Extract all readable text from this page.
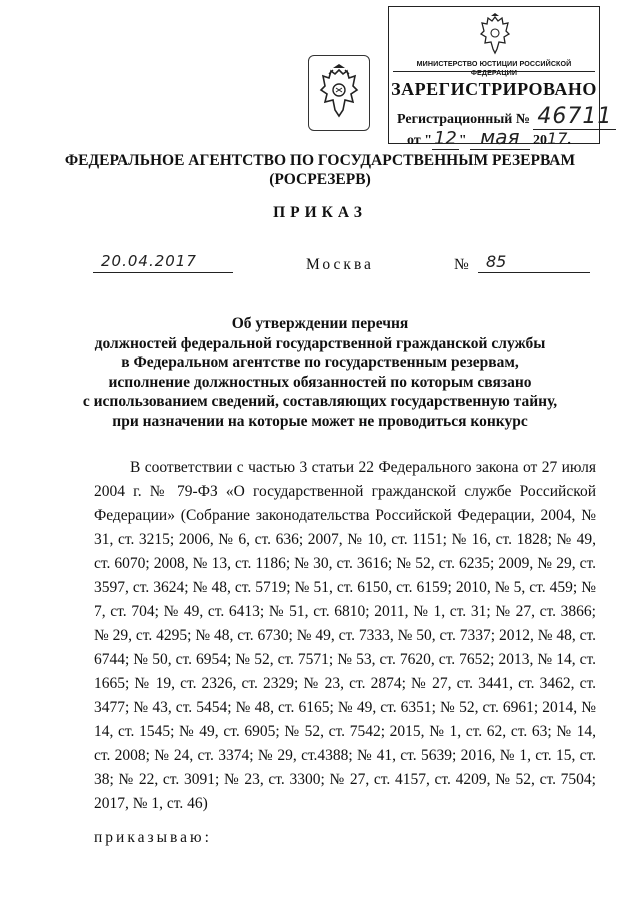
МИНИСТЕРСТВО ЮСТИЦИИ РОССИЙСКОЙ ФЕДЕРАЦИИ
ЗАРЕГИСТРИРОВАНО
Регистрационный № 46711
от " 12 " мая 2017.
ФЕДЕРАЛЬНОЕ АГЕНТСТВО ПО ГОСУДАРСТВЕННЫМ РЕЗЕРВАМ
(РОСРЕЗЕРВ)
ПРИКАЗ
20.04.2017	Москва	№	85
Об утверждении перечня
должностей федеральной государственной гражданской службы
в Федеральном агентстве по государственным резервам,
исполнение должностных обязанностей по которым связано
с использованием сведений, составляющих государственную тайну,
при назначении на которые может не проводиться конкурс
В соответствии с частью 3 статьи 22 Федерального закона от 27 июля 2004 г. № 79-ФЗ «О государственной гражданской службе Российской Федерации» (Собрание законодательства Российской Федерации, 2004, № 31, ст. 3215; 2006, № 6, ст. 636; 2007, № 10, ст. 1151; № 16, ст. 1828; № 49, ст. 6070; 2008, № 13, ст. 1186; № 30, ст. 3616; № 52, ст. 6235; 2009, № 29, ст. 3597, ст. 3624; № 48, ст. 5719; № 51, ст. 6150, ст. 6159; 2010, № 5, ст. 459; № 7, ст. 704; № 49, ст. 6413; № 51, ст. 6810; 2011, № 1, ст. 31; № 27, ст. 3866; № 29, ст. 4295; № 48, ст. 6730; № 49, ст. 7333, № 50, ст. 7337; 2012, № 48, ст. 6744; № 50, ст. 6954; № 52, ст. 7571; № 53, ст. 7620, ст. 7652; 2013, № 14, ст. 1665; № 19, ст. 2326, ст. 2329; № 23, ст. 2874; № 27, ст. 3441, ст. 3462, ст. 3477; № 43, ст. 5454; № 48, ст. 6165; № 49, ст. 6351; № 52, ст. 6961; 2014, № 14, ст. 1545; № 49, ст. 6905; № 52, ст. 7542; 2015, № 1, ст. 62, ст. 63; № 14, ст. 2008; № 24, ст. 3374; № 29, ст.4388; № 41, ст. 5639; 2016, № 1, ст. 15, ст. 38; № 22, ст. 3091; № 23, ст. 3300; № 27, ст. 4157, ст. 4209, № 52, ст. 7504; 2017, № 1, ст. 46)
приказываю:
